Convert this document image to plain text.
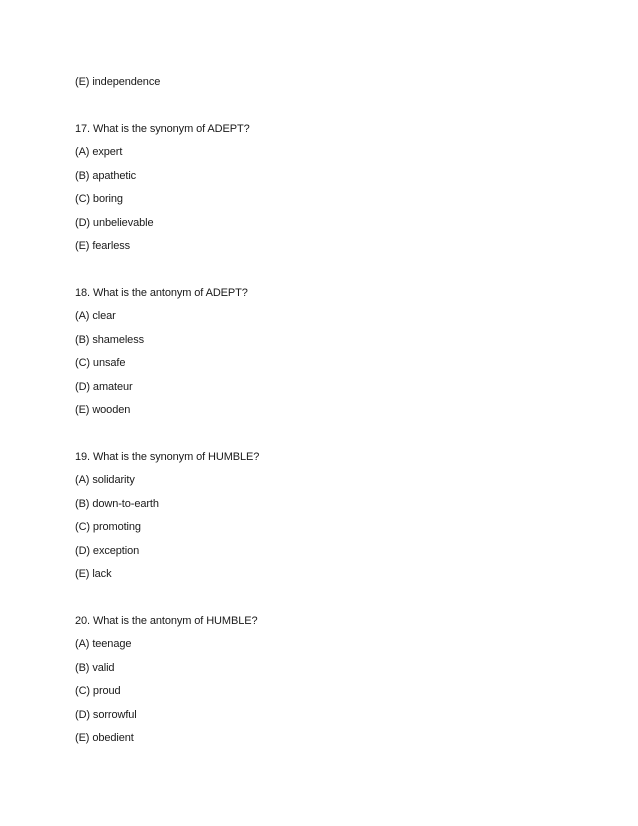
(E) independence
17. What is the synonym of ADEPT?
(A) expert
(B) apathetic
(C) boring
(D) unbelievable
(E) fearless
18. What is the antonym of ADEPT?
(A) clear
(B) shameless
(C) unsafe
(D) amateur
(E) wooden
19. What is the synonym of HUMBLE?
(A) solidarity
(B) down-to-earth
(C) promoting
(D) exception
(E) lack
20. What is the antonym of HUMBLE?
(A) teenage
(B) valid
(C) proud
(D) sorrowful
(E) obedient
